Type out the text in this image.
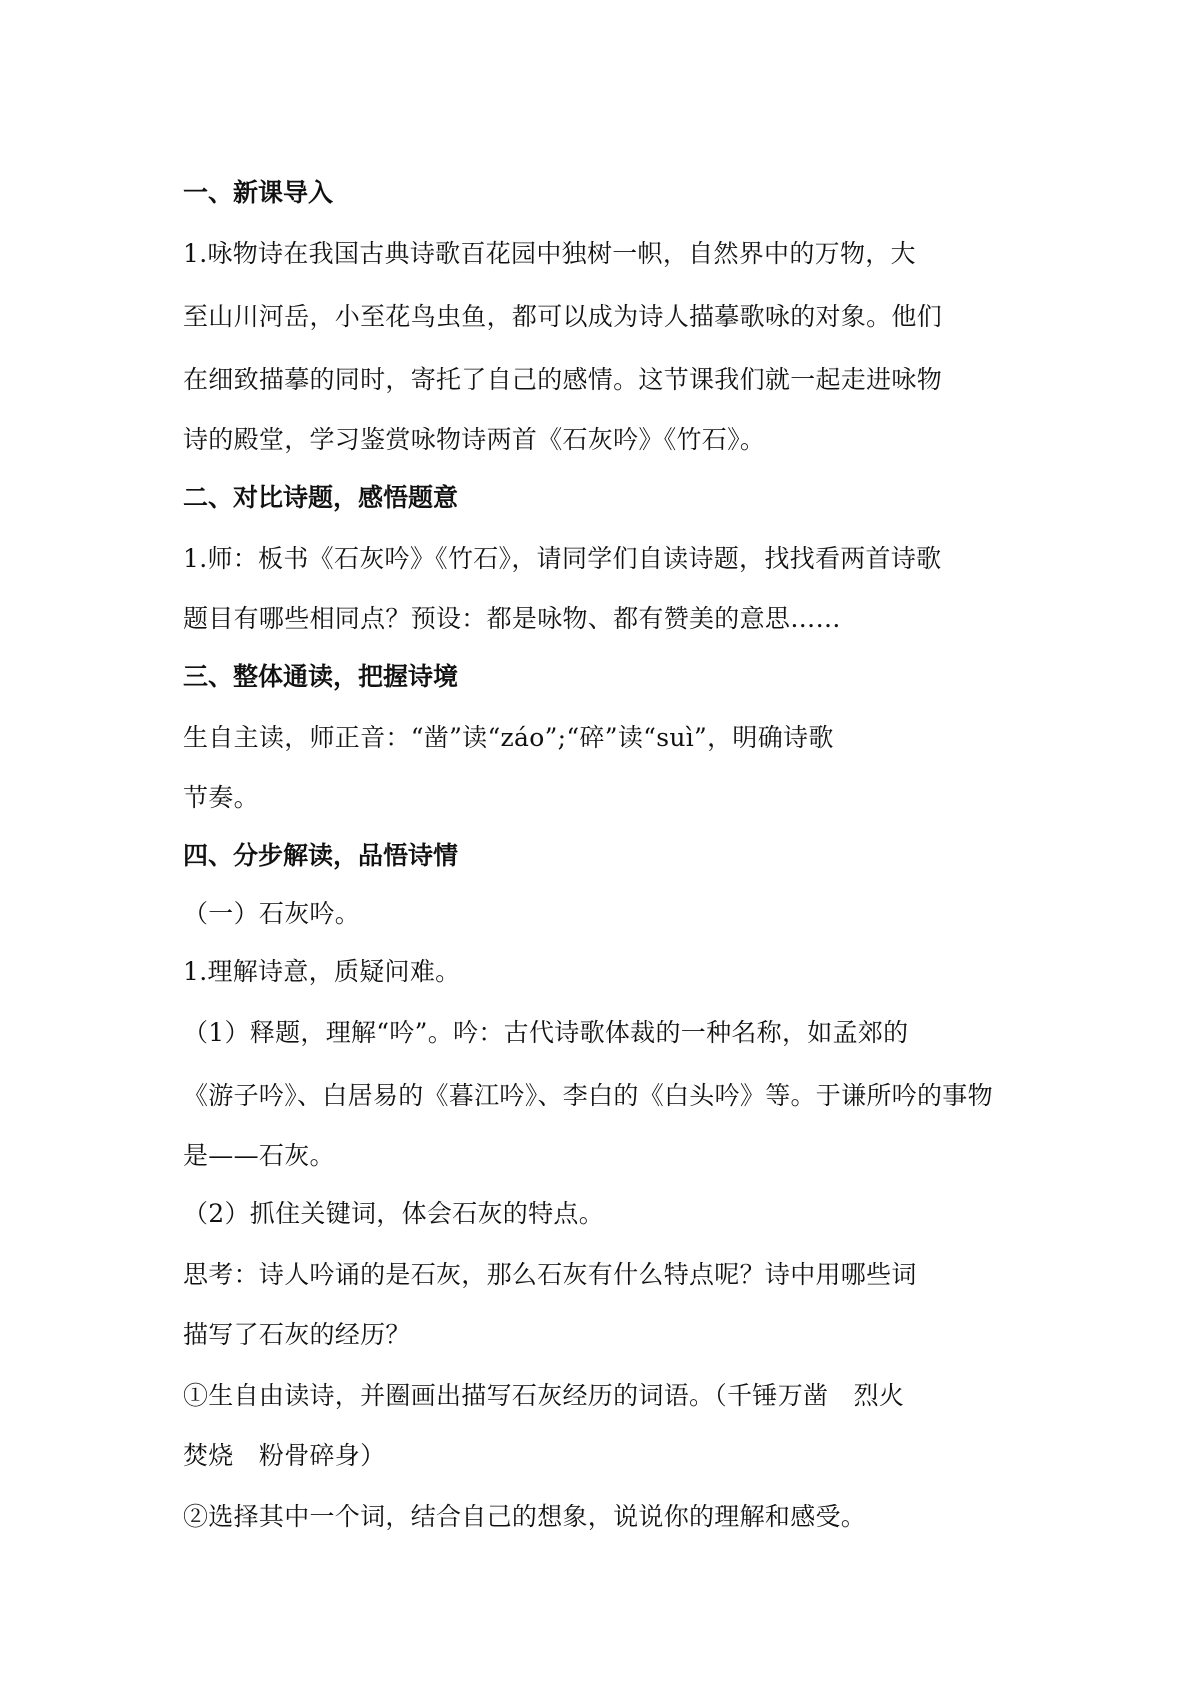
一、新课导入
1.咏物诗在我国古典诗歌百花园中独树一帜，自然界中的万物，大
至山川河岳，小至花鸟虫鱼，都可以成为诗人描摹歌咏的对象。他们
在细致描摹的同时，寄托了自己的感情。这节课我们就一起走进咏物
诗的殿堂，学习鉴赏咏物诗两首《石灰吟》《竹石》。
二、对比诗题，感悟题意
1.师：板书《石灰吟》《竹石》，请同学们自读诗题，找找看两首诗歌
题目有哪些相同点？预设：都是咏物、都有赞美的意思……
三、整体通读，把握诗境
生自主读，师正音：“凿”读“záo”;“碎”读“suì”，明确诗歌
节奏。
四、分步解读，品悟诗情
（一）石灰吟。
1.理解诗意，质疑问难。
（1）释题，理解“吟”。吟：古代诗歌体裁的一种名称，如孟郊的
《游子吟》、白居易的《暮江吟》、李白的《白头吟》等。于谦所吟的事物
是——石灰。
（2）抓住关键词，体会石灰的特点。
思考：诗人吟诵的是石灰，那么石灰有什么特点呢？诗中用哪些词
描写了石灰的经历？
①生自由读诗，并圈画出描写石灰经历的词语。（千锤万凿　烈火
焚烧　粉骨碎身）
②选择其中一个词，结合自己的想象，说说你的理解和感受。
